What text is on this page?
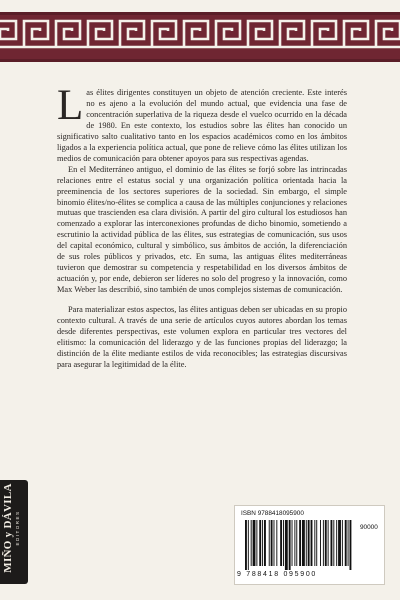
Las élites dirigentes constituyen un objeto de atención creciente. Este interés no es ajeno a la evolución del mundo actual, que evidencia una fase de concentración superlativa de la riqueza desde el vuelco ocurrido en la década de 1980. En este contexto, los estudios sobre las élites han conocido un significativo salto cualitativo tanto en los espacios académicos como en los ámbitos ligados a la experiencia política actual, que pone de relieve cómo las élites utilizan los medios de comunicación para obtener apoyos para sus respectivas agendas.

En el Mediterráneo antiguo, el dominio de las élites se forjó sobre las intrincadas relaciones entre el estatus social y una organización política orientada hacia la preeminencia de los sectores superiores de la sociedad. Sin embargo, el simple binomio élites/no-élites se complica a causa de las múltiples conjunciones y relaciones mutuas que trascienden esa clara división. A partir del giro cultural los estudiosos han comenzado a explorar las interconexiones profundas de dicho binomio, sometiendo a escrutinio la actividad pública de las élites, sus estrategias de comunicación, sus usos del capital económico, cultural y simbólico, sus ámbitos de acción, la diferenciación de sus roles públicos y privados, etc. En suma, las antiguas élites mediterráneas tuvieron que demostrar su competencia y respetabilidad en los diversos ámbitos de actuación y, por ende, debieron ser líderes no solo del progreso y la innovación, como Max Weber las describió, sino también de unos complejos sistemas de comunicación.

Para materializar estos aspectos, las élites antiguas deben ser ubicadas en su propio contexto cultural. A través de una serie de artículos cuyos autores abordan los temas desde diferentes perspectivas, este volumen explora en particular tres vectores del elitismo: la comunicación del liderazgo y de las funciones propias del liderazgo; la distinción de la élite mediante estilos de vida reconocibles; las estrategias discursivas para asegurar la legitimidad de la élite.

MIÑO y DÁVILA EDITORES	ISBN 9788418095900
90000
9 788418 095900
